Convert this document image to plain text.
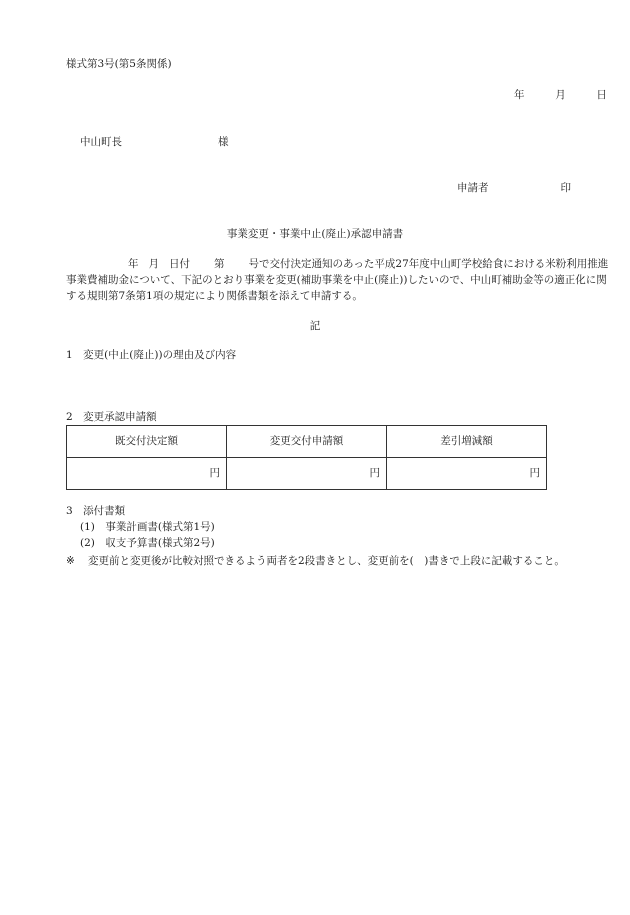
様式第3号(第5条関係)
年	月	日
中山町長	様
申請者	印
事業変更・事業中止(廃止)承認申請書
年 月 日付 第 号で交付決定通知のあった平成27年度中山町学校給食における米粉利用推進事業費補助金について、下記のとおり事業を変更(補助事業を中止(廃止))したいので、中山町補助金等の適正化に関する規則第7条第1項の規定により関係書類を添えて申請する。
記
1　変更(中止(廃止))の理由及び内容
2　変更承認申請額
既交付決定額	変更交付申請額	差引増減額
円	円	円
3　添付書類
(1)　事業計画書(様式第1号)
(2)　収支予算書(様式第2号)
※ 変更前と変更後が比較対照できるよう両者を2段書きとし、変更前を(　)書きで上段に記載すること。
